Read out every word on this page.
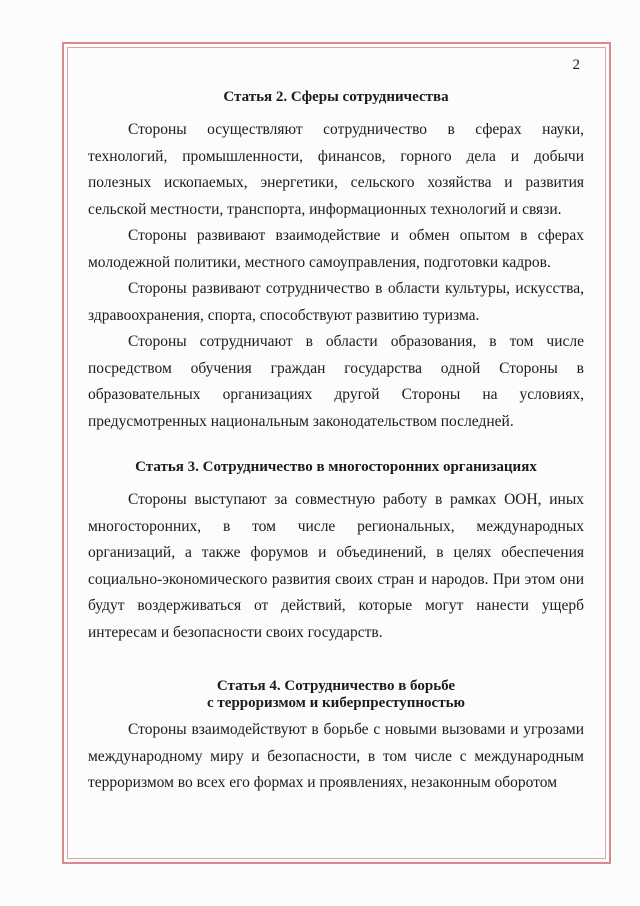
2
Статья 2. Сферы сотрудничества

Стороны осуществляют сотрудничество в сферах науки, технологий, промышленности, финансов, горного дела и добычи полезных ископаемых, энергетики, сельского хозяйства и развития сельской местности, транспорта, информационных технологий и связи.

Стороны развивают взаимодействие и обмен опытом в сферах молодежной политики, местного самоуправления, подготовки кадров.

Стороны развивают сотрудничество в области культуры, искусства, здравоохранения, спорта, способствуют развитию туризма.

Стороны сотрудничают в области образования, в том числе посредством обучения граждан государства одной Стороны в образовательных организациях другой Стороны на условиях, предусмотренных национальным законодательством последней.

Статья 3. Сотрудничество в многосторонних организациях

Стороны выступают за совместную работу в рамках ООН, иных многосторонних, в том числе региональных, международных организаций, а также форумов и объединений, в целях обеспечения социально-экономического развития своих стран и народов. При этом они будут воздерживаться от действий, которые могут нанести ущерб интересам и безопасности своих государств.

Статья 4. Сотрудничество в борьбе
с терроризмом и киберпреступностью

Стороны взаимодействуют в борьбе с новыми вызовами и угрозами международному миру и безопасности, в том числе с международным терроризмом во всех его формах и проявлениях, незаконным оборотом
